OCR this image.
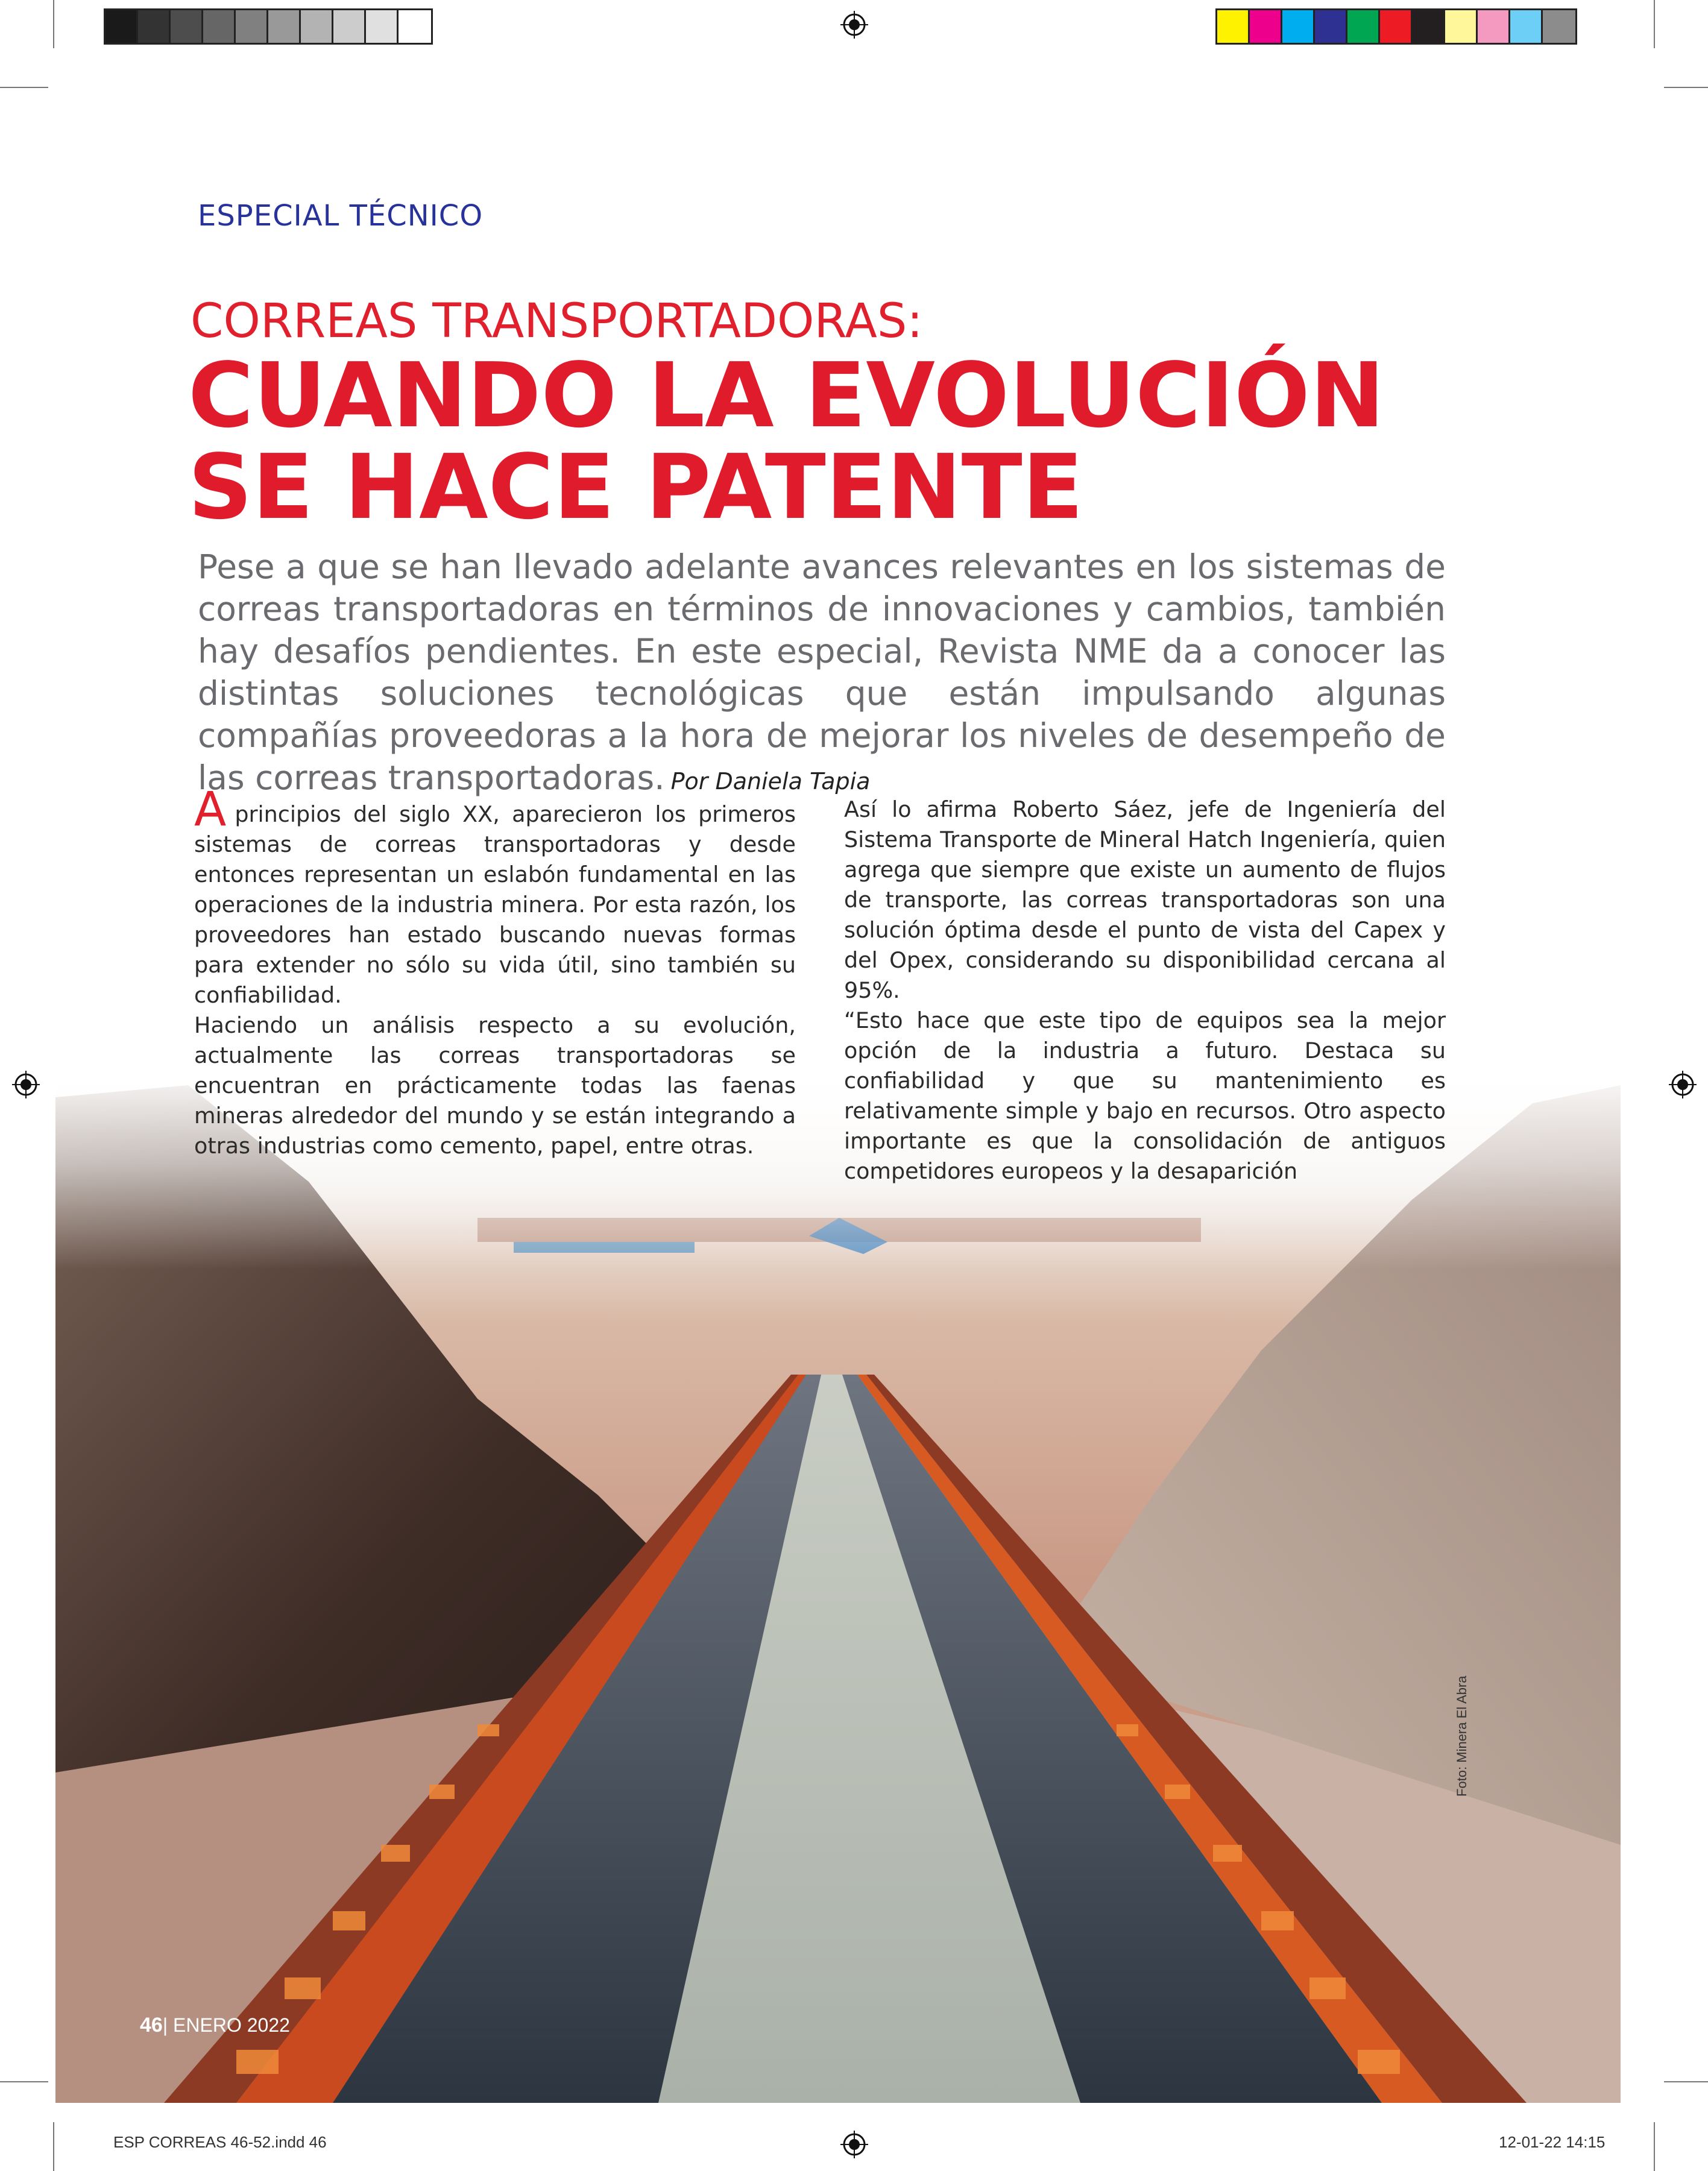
ESPECIAL TÉCNICO
CORREAS TRANSPORTADORAS:
CUANDO LA EVOLUCIÓN
SE HACE PATENTE
Pese a que se han llevado adelante avances relevantes en los sistemas de correas transportadoras en términos de innovaciones y cambios, también hay desafíos pendientes. En este especial, Revista NME da a conocer las distintas soluciones tecnológicas que están impulsando algunas compañías proveedoras a la hora de mejorar los niveles de desempeño de las correas transportadoras. Por Daniela Tapia

Aprincipios del siglo XX, aparecieron los primeros sistemas de correas transportadoras y desde entonces representan un eslabón fundamental en las operaciones de la industria minera. Por esta razón, los proveedores han estado buscando nuevas formas para extender no sólo su vida útil, sino también su confiabilidad.

Haciendo un análisis respecto a su evolución, actualmente las correas transportadoras se encuentran en prácticamente todas las faenas mineras alrededor del mundo y se están integrando a otras industrias como cemento, papel, entre otras.

Así lo afirma Roberto Sáez, jefe de Ingeniería del Sistema Transporte de Mineral Hatch Ingeniería, quien agrega que siempre que existe un aumento de flujos de transporte, las correas transportadoras son una solución óptima desde el punto de vista del Capex y del Opex, considerando su disponibilidad cercana al 95%.

“Esto hace que este tipo de equipos sea la mejor opción de la industria a futuro. Destaca su confiabilidad y que su mantenimiento es relativamente simple y bajo en recursos. Otro aspecto importante es que la consolidación de antiguos competidores europeos y la desaparición

Foto: Minera El Abra
46| ENERO 2022
ESP CORREAS 46-52.indd 46	12-01-22 14:15
